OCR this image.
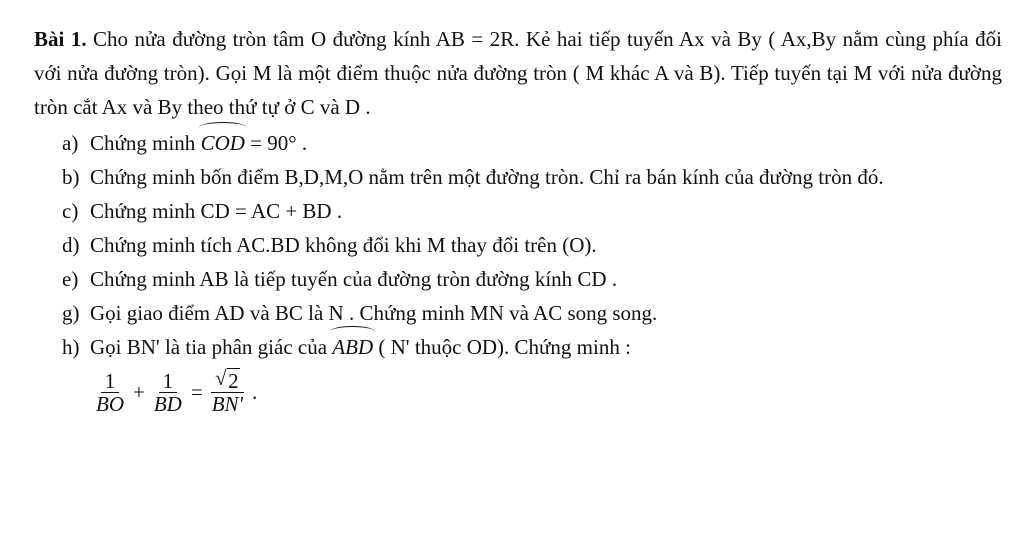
Bài 1. Cho nửa đường tròn tâm O đường kính AB = 2R. Kẻ hai tiếp tuyến Ax và By ( Ax,By nằm cùng phía đối với nửa đường tròn). Gọi M là một điểm thuộc nửa đường tròn ( M khác A và B). Tiếp tuyến tại M với nửa đường tròn cắt Ax và By theo thứ tự ở C và D .

a) Chứng minh COD = 90° .
b) Chứng minh bốn điểm B,D,M,O nằm trên một đường tròn. Chỉ ra bán kính của đường tròn đó.
c) Chứng minh CD = AC + BD .
d) Chứng minh tích AC.BD không đổi khi M thay đổi trên (O).
e) Chứng minh AB là tiếp tuyến của đường tròn đường kính CD .
g) Gọi giao điểm AD và BC là N . Chứng minh MN và AC song song.
h) Gọi BN' là tia phân giác của ABD ( N' thuộc OD). Chứng minh :
$\frac{1}{BO} + \frac{1}{BD}$ =
√ $\frac{2}{BN'}$ .
